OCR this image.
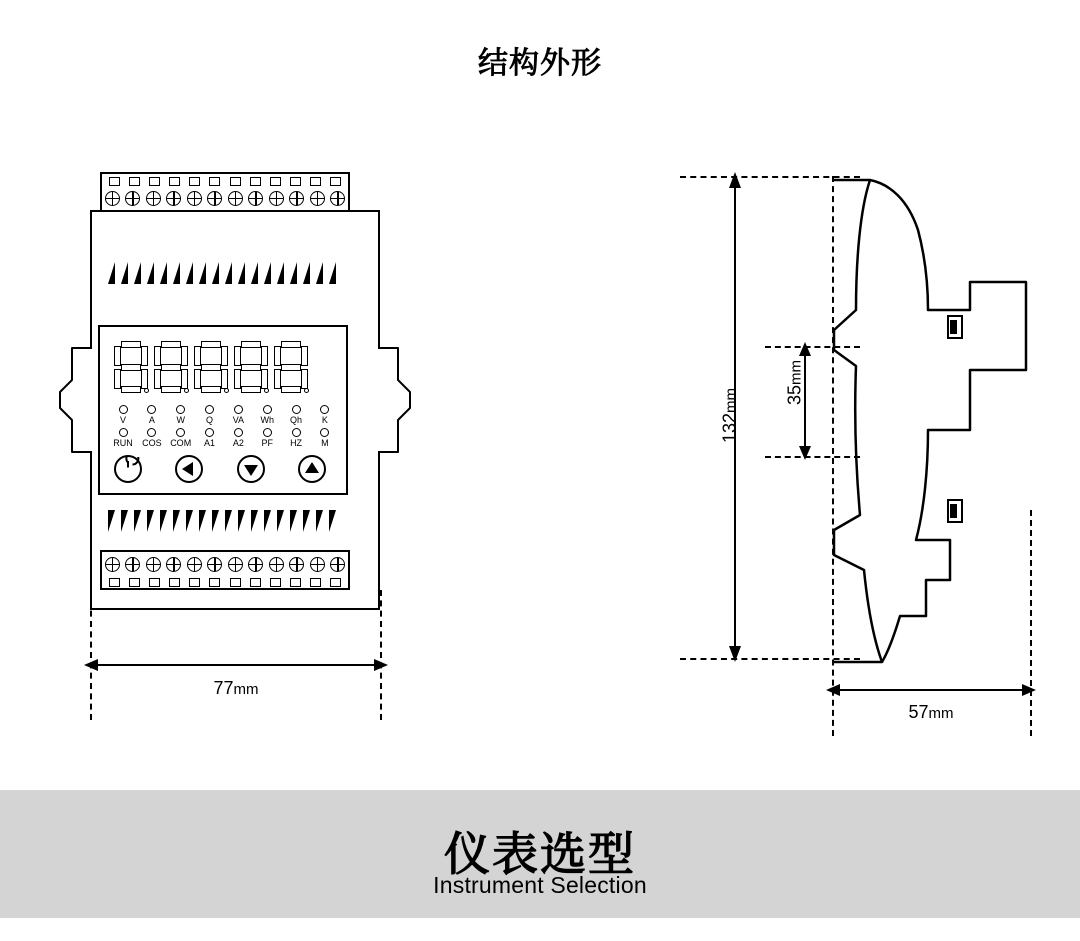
结构外形
77mm
V	A	W	Q	VA	Wh	Qh	K
RUN	COS COM	A1	A2	PF	HZ	M	132mm	35mm
57mm
仪表选型
Instrument Selection
